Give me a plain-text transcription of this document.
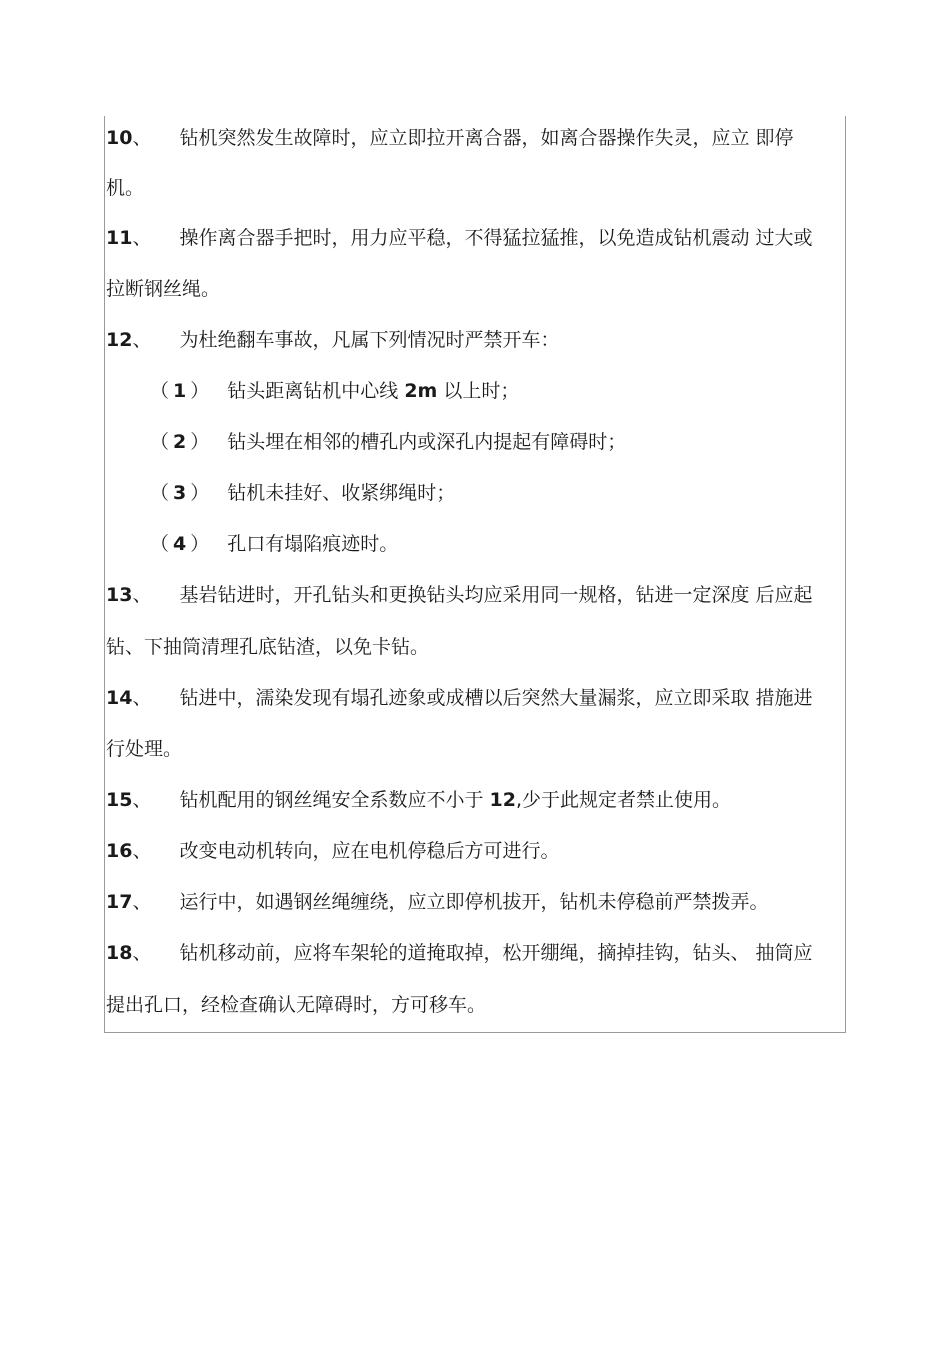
10、 钻机突然发生故障时，应立即拉开离合器，如离合器操作失灵，应立 即停
机。
11、 操作离合器手把时，用力应平稳，不得猛拉猛推，以免造成钻机震动 过大或
拉断钢丝绳。
12、 为杜绝翻车事故，凡属下列情况时严禁开车：
（ 1 ） 钻头距离钻机中心线 2m 以上时；
（ 2 ） 钻头埋在相邻的槽孔内或深孔内提起有障碍时；
（ 3 ） 钻机未挂好、收紧绑绳时；
（ 4 ） 孔口有塌陷痕迹时。
13、 基岩钻进时，开孔钻头和更换钻头均应采用同一规格，钻进一定深度 后应起
钻、下抽筒清理孔底钻渣，以免卡钻。
14、 钻进中，濡染发现有塌孔迹象或成槽以后突然大量漏浆，应立即采取 措施进
行处理。
15、 钻机配用的钢丝绳安全系数应不小于 12,少于此规定者禁止使用。
16、 改变电动机转向，应在电机停稳后方可进行。
17、 运行中，如遇钢丝绳缠绕，应立即停机拔开，钻机未停稳前严禁拨弄。
18、 钻机移动前，应将车架轮的道掩取掉，松开绷绳，摘掉挂钩，钻头、 抽筒应
提出孔口，经检查确认无障碍时，方可移车。
